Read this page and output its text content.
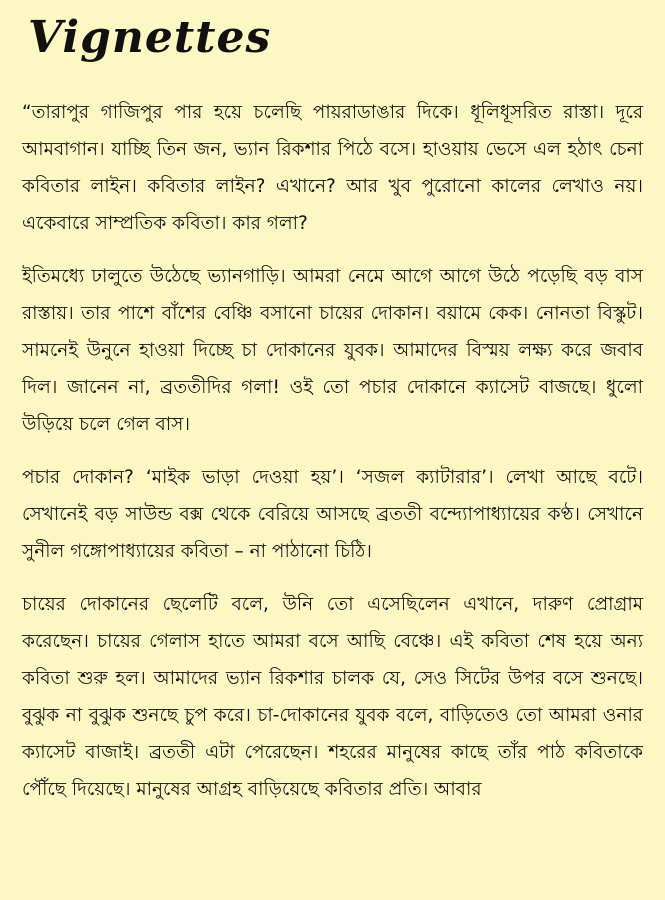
Vignettes

“তারাপুর গাজিপুর পার হয়ে চলেছি পায়রাডাঙার দিকে। ধূলিধূসরিত রাস্তা। দূরে আমবাগান। যাচ্ছি তিন জন, ভ্যান রিকশার পিঠে বসে। হাওয়ায় ভেসে এল হঠাৎ চেনা কবিতার লাইন। কবিতার লাইন? এখানে? আর খুব পুরোনো কালের লেখাও নয়। একেবারে সাম্প্রতিক কবিতা। কার গলা?

ইতিমধ্যে ঢালুতে উঠেছে ভ্যানগাড়ি। আমরা নেমে আগে আগে উঠে পড়েছি বড় বাস রাস্তায়। তার পাশে বাঁশের বেঞ্চি বসানো চায়ের দোকান। বয়ামে কেক। নোনতা বিস্কুট। সামনেই উনুনে হাওয়া দিচ্ছে চা দোকানের যুবক। আমাদের বিস্ময় লক্ষ্য করে জবাব দিল। জানেন না, ব্রততীদির গলা! ওই তো পচার দোকানে ক্যাসেট বাজছে। ধুলো উড়িয়ে চলে গেল বাস।

পচার দোকান? ‘মাইক ভাড়া দেওয়া হয়’। ‘সজল ক্যাটারার’। লেখা আছে বটে। সেখানেই বড় সাউন্ড বক্স থেকে বেরিয়ে আসছে ব্রততী বন্দ্যোপাধ্যায়ের কণ্ঠ। সেখানে সুনীল গঙ্গোপাধ্যায়ের কবিতা – না পাঠানো চিঠি।

চায়ের দোকানের ছেলেটি বলে, উনি তো এসেছিলেন এখানে, দারুণ প্রোগ্রাম করেছেন। চায়ের গেলাস হাতে আমরা বসে আছি বেঞ্চে। এই কবিতা শেষ হয়ে অন্য কবিতা শুরু হল। আমাদের ভ্যান রিকশার চালক যে, সেও সিটের উপর বসে শুনছে। বুঝুক না বুঝুক শুনছে চুপ করে। চা-দোকানের যুবক বলে, বাড়িতেও তো আমরা ওনার ক্যাসেট বাজাই। ব্রততী এটা পেরেছেন। শহরের মানুষের কাছে তাঁর পাঠ কবিতাকে পৌঁছে দিয়েছে। মানুষের আগ্রহ বাড়িয়েছে কবিতার প্রতি। আবার
